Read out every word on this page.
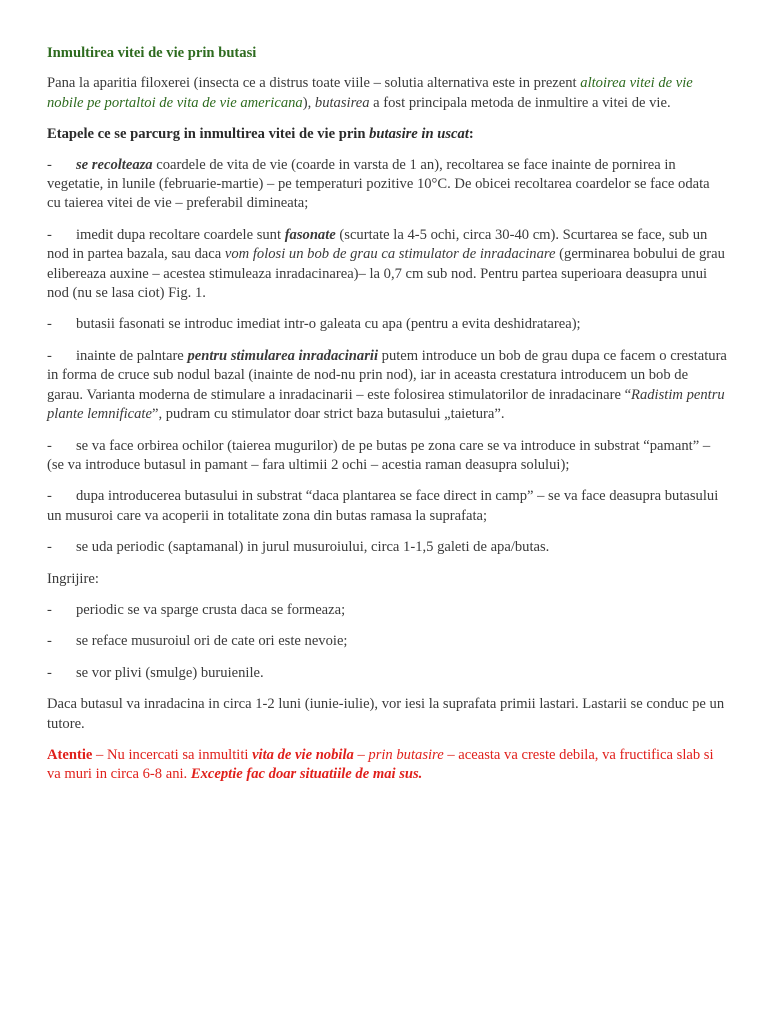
Inmultirea vitei de vie prin butasi

Pana la aparitia filoxerei (insecta ce a distrus toate viile – solutia alternativa este in prezent altoirea vitei de vie nobile pe portaltoi de vita de vie americana), butasirea a fost principala metoda de inmultire a vitei de vie.

Etapele ce se parcurg in inmultirea vitei de vie prin butasire in uscat:

- se recolteaza coardele de vita de vie (coarde in varsta de 1 an), recoltarea se face inainte de pornirea in vegetatie, in lunile (februarie-martie) – pe temperaturi pozitive 10°C. De obicei recoltarea coardelor se face odata cu taierea vitei de vie – preferabil dimineata;
- imedit dupa recoltare coardele sunt fasonate (scurtate la 4-5 ochi, circa 30-40 cm). Scurtarea se face, sub un nod in partea bazala, sau daca vom folosi un bob de grau ca stimulator de inradacinare (germinarea bobului de grau elibereaza auxine – acestea stimuleaza inradacinarea)– la 0,7 cm sub nod. Pentru partea superioara deasupra unui nod (nu se lasa ciot) Fig. 1.
- butasii fasonati se introduc imediat intr-o galeata cu apa (pentru a evita deshidratarea);
- inainte de palntare pentru stimularea inradacinarii putem introduce un bob de grau dupa ce facem o crestatura in forma de cruce sub nodul bazal (inainte de nod-nu prin nod), iar in aceasta crestatura introducem un bob de garau. Varianta moderna de stimulare a inradacinarii – este folosirea stimulatorilor de inradacinare “Radistim pentru plante lemnificate”, pudram cu stimulator doar strict baza butasului „taietura”.
- se va face orbirea ochilor (taierea mugurilor) de pe butas pe zona care se va introduce in substrat “pamant” – (se va introduce butasul in pamant – fara ultimii 2 ochi – acestia raman deasupra solului);
- dupa introducerea butasului in substrat “daca plantarea se face direct in camp” – se va face deasupra butasului un musuroi care va acoperii in totalitate zona din butas ramasa la suprafata;
- se uda periodic (saptamanal) in jurul musuroiului, circa 1-1,5 galeti de apa/butas.

Ingrijire:

- periodic se va sparge crusta daca se formeaza;
- se reface musuroiul ori de cate ori este nevoie;
- se vor plivi (smulge) buruienile.

Daca butasul va inradacina in circa 1-2 luni (iunie-iulie), vor iesi la suprafata primii lastari. Lastarii se conduc pe un tutore.

Atentie – Nu incercati sa inmultiti vita de vie nobila – prin butasire – aceasta va creste debila, va fructifica slab si va muri in circa 6-8 ani. Exceptie fac doar situatiile de mai sus.
